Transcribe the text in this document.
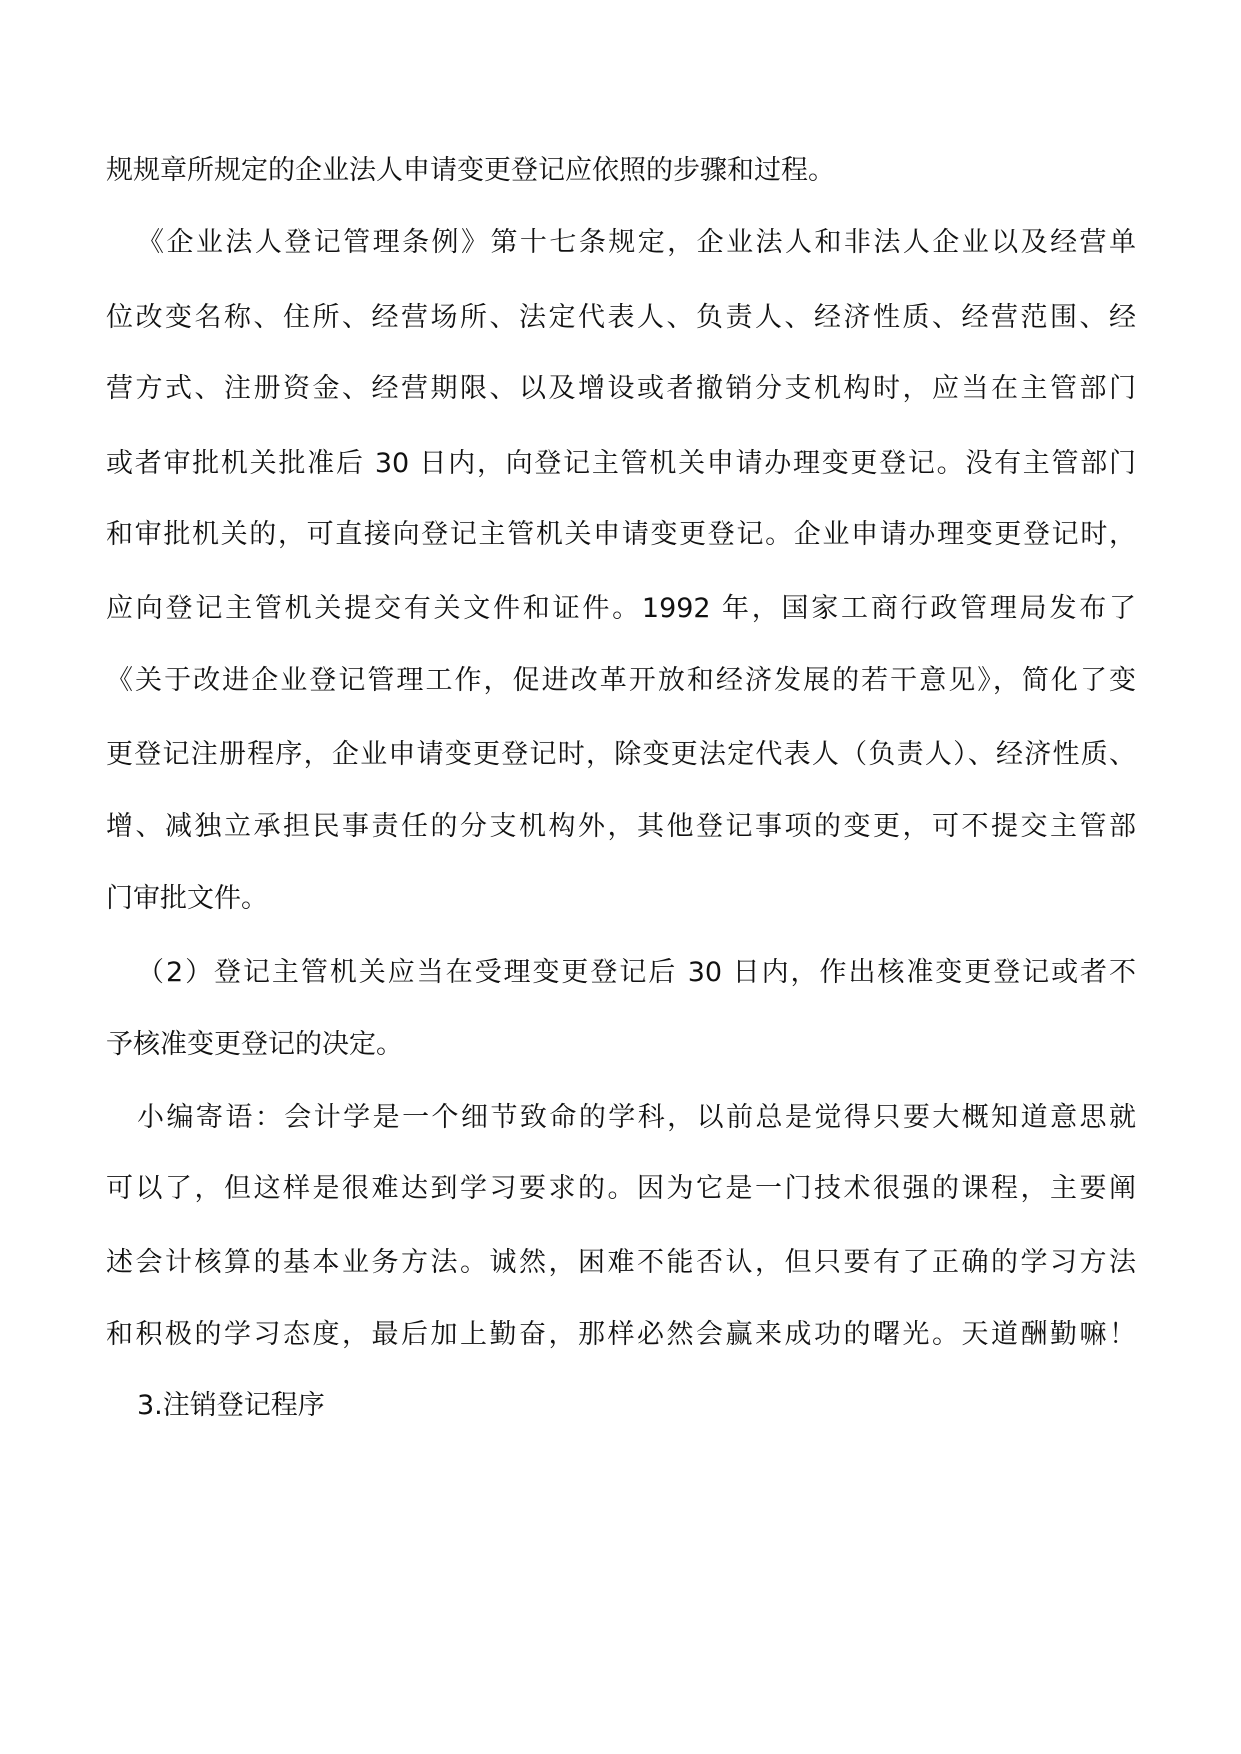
规规章所规定的企业法人申请变更登记应依照的步骤和过程。

《企业法人登记管理条例》第十七条规定，企业法人和非法人企业以及经营单

位改变名称、住所、经营场所、法定代表人、负责人、经济性质、经营范围、经

营方式、注册资金、经营期限、以及增设或者撤销分支机构时，应当在主管部门

或者审批机关批准后 30 日内，向登记主管机关申请办理变更登记。没有主管部门

和审批机关的，可直接向登记主管机关申请变更登记。企业申请办理变更登记时，

应向登记主管机关提交有关文件和证件。1992 年，国家工商行政管理局发布了

《关于改进企业登记管理工作，促进改革开放和经济发展的若干意见》，简化了变

更登记注册程序，企业申请变更登记时，除变更法定代表人（负责人）、经济性质、

增、减独立承担民事责任的分支机构外，其他登记事项的变更，可不提交主管部

门审批文件。

（2）登记主管机关应当在受理变更登记后 30 日内，作出核准变更登记或者不

予核准变更登记的决定。

小编寄语：会计学是一个细节致命的学科，以前总是觉得只要大概知道意思就

可以了，但这样是很难达到学习要求的。因为它是一门技术很强的课程，主要阐

述会计核算的基本业务方法。诚然，困难不能否认，但只要有了正确的学习方法

和积极的学习态度，最后加上勤奋，那样必然会赢来成功的曙光。天道酬勤嘛！

3.注销登记程序
